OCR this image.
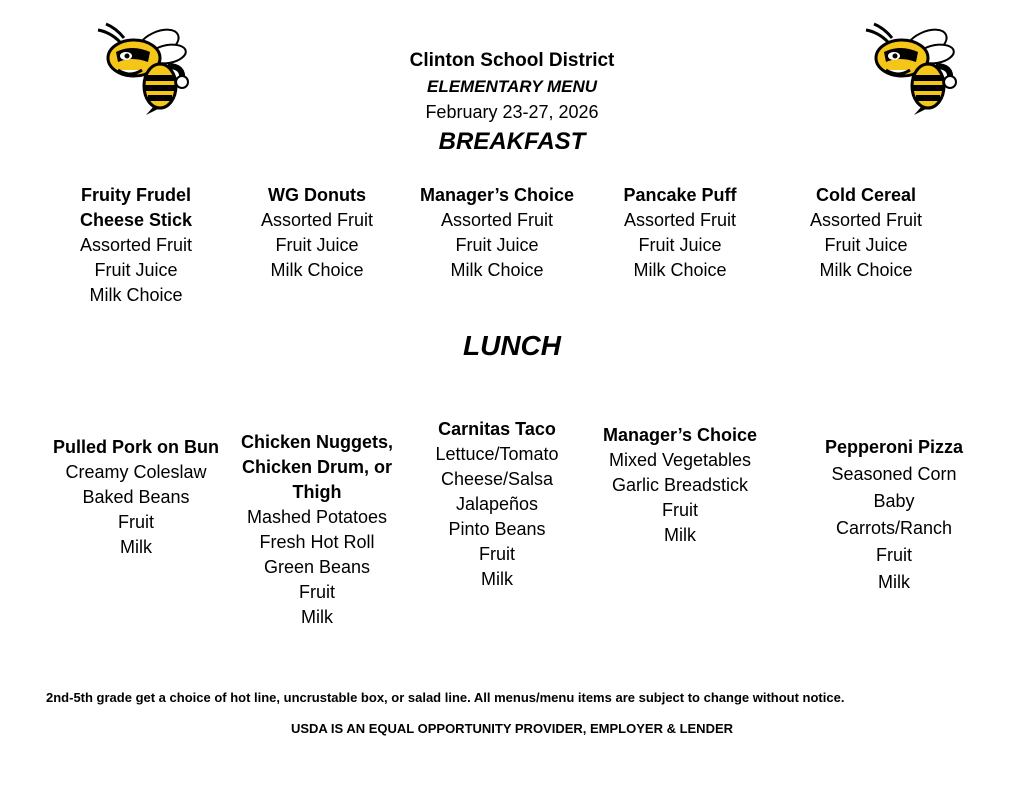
Clinton School District
ELEMENTARY MENU
February 23-27, 2026
BREAKFAST
Fruity Frudel
Cheese Stick
Assorted Fruit
Fruit Juice
Milk Choice
WG Donuts
Assorted Fruit
Fruit Juice
Milk Choice
Manager’s Choice
Assorted Fruit
Fruit Juice
Milk Choice
Pancake Puff
Assorted Fruit
Fruit Juice
Milk Choice
Cold Cereal
Assorted Fruit
Fruit Juice
Milk Choice
LUNCH
Pulled Pork on Bun
Creamy Coleslaw
Baked Beans
Fruit
Milk
Chicken Nuggets,
Chicken Drum, or
Thigh
Mashed Potatoes
Fresh Hot Roll
Green Beans
Fruit
Milk
Carnitas Taco
Lettuce/Tomato
Cheese/Salsa
Jalapeños
Pinto Beans
Fruit
Milk
Manager’s Choice
Mixed Vegetables
Garlic Breadstick
Fruit
Milk
Pepperoni Pizza
Seasoned Corn
Baby
Carrots/Ranch
Fruit
Milk
2nd-5th grade get a choice of hot line, uncrustable box, or salad line. All menus/menu items are subject to change without notice.
USDA IS AN EQUAL OPPORTUNITY PROVIDER, EMPLOYER & LENDER
